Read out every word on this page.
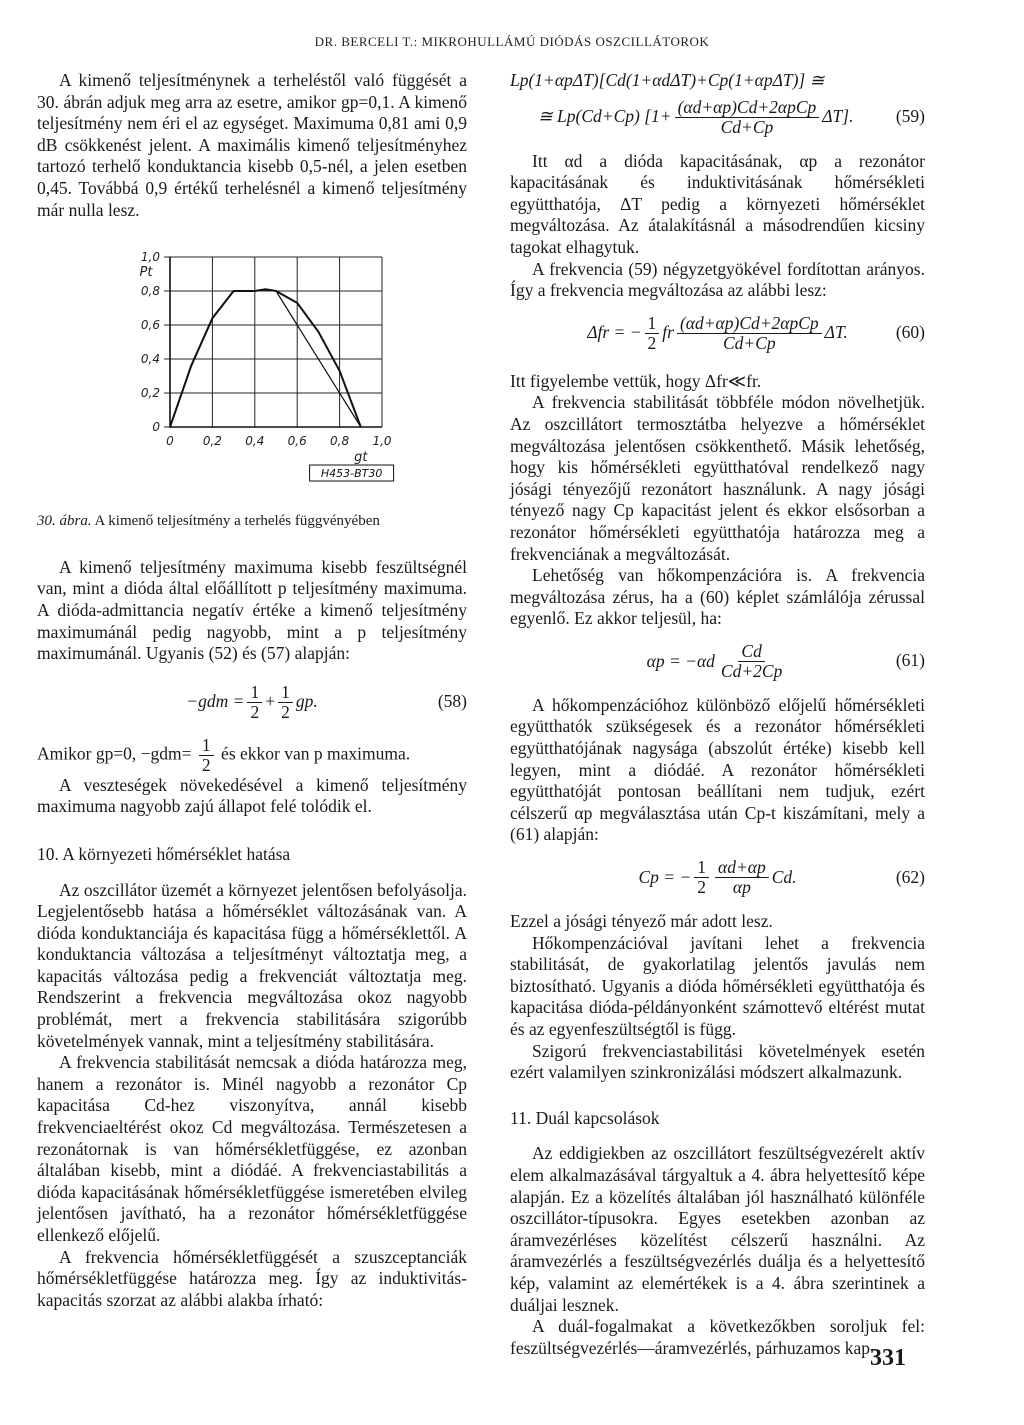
DR. BERCELI T.: MIKROHULLÁMÚ DIÓDÁS OSZCILLÁTOROK

A kimenő teljesítménynek a terheléstől való függését a 30. ábrán adjuk meg arra az esetre, amikor gp=0,1. A kimenő teljesítmény nem éri el az egységet. Maximuma 0,81 ami 0,9 dB csökkenést jelent. A maximális kimenő teljesítményhez tartozó terhelő konduktancia kisebb 0,5-nél, a jelen esetben 0,45. Továbbá 0,9 értékű terhelésnél a kimenő teljesítmény már nulla lesz.

0 0,2 0,4 0,6 0,8 1,0
0
0,2
0,4
0,6
0,8
1,0
Pt
gt
H453-BT30

30. ábra. A kimenő teljesítmény a terhelés függvényében

A kimenő teljesítmény maximuma kisebb feszültségnél van, mint a dióda által előállított p teljesítmény maximuma. A dióda-admittancia negatív értéke a kimenő teljesítmény maximumánál pedig nagyobb, mint a p teljesítmény maximumánál. Ugyanis (52) és (57) alapján:

$-gdm = \frac{1}{2} + \frac{1}{2}$ gp.	(58)

Amikor gp=0, $-gdm= \frac{1}{2}$ és ekkor van p maximuma.

A veszteségek növekedésével a kimenő teljesítmény maximuma nagyobb zajú állapot felé tolódik el.

10. A környezeti hőmérséklet hatása

Az oszcillátor üzemét a környezet jelentősen befolyásolja. Legjelentősebb hatása a hőmérséklet változásának van. A dióda konduktanciája és kapacitása függ a hőmérséklettől. A konduktancia változása a teljesítményt változtatja meg, a kapacitás változása pedig a frekvenciát változtatja meg. Rendszerint a frekvencia megváltozása okoz nagyobb problémát, mert a frekvencia stabilitására szigorúbb követelmények vannak, mint a teljesítmény stabilitására.

A frekvencia stabilitását nemcsak a dióda határozza meg, hanem a rezonátor is. Minél nagyobb a rezonátor Cp kapacitása Cd-hez viszonyítva, annál kisebb frekvenciaeltérést okoz Cd megváltozása. Természetesen a rezonátornak is van hőmérsékletfüggése, ez azonban általában kisebb, mint a diódáé. A frekvenciastabilitás a dióda kapacitásának hőmérsékletfüggése ismeretében elvileg jelentősen javítható, ha a rezonátor hőmérsékletfüggése ellenkező előjelű.

A frekvencia hőmérsékletfüggését a szuszceptanciák hőmérsékletfüggése határozza meg. Így az induktivitás-kapacitás szorzat az alábbi alakba írható:

Lp(1+αpΔT)[Cd(1+αdΔT)+Cp(1+αpΔT)] ≅
≅ Lp(Cd+Cp) $[1+ \frac{\text{(αd+αp)Cd+2αpCp}}{Cd+Cp} \Delta T]$. (59)

Itt αd a dióda kapacitásának, αp a rezonátor kapacitásának és induktivitásának hőmérsékleti együtthatója, ΔT pedig a környezeti hőmérséklet megváltozása. Az átalakításnál a másodrendűen kicsiny tagokat elhagytuk.

A frekvencia (59) négyzetgyökével fordítottan arányos. Így a frekvencia megváltozása az alábbi lesz:

Δfr = − $\frac{1}{2}$ fr $\frac{\text{(αd+αp)Cd+2αpCp}}{Cd+Cp} \Delta T$.	(60)

Itt figyelembe vettük, hogy Δfr≪fr.

A frekvencia stabilitását többféle módon növelhetjük. Az oszcillátort termosztátba helyezve a hőmérséklet megváltozása jelentősen csökkenthető. Másik lehetőség, hogy kis hőmérsékleti együtthatóval rendelkező nagy jósági tényezőjű rezonátort használunk. A nagy jósági tényező nagy Cp kapacitást jelent és ekkor elsősorban a rezonátor hőmérsékleti együtthatója határozza meg a frekvenciának a megváltozását.

Lehetőség van hőkompenzációra is. A frekvencia megváltozása zérus, ha a (60) képlet számlálója zérussal egyenlő. Ez akkor teljesül, ha:

$\alpha p = -\alpha d \frac{Cd}{Cd+2Cp}$	(61)

A hőkompenzációhoz különböző előjelű hőmérsékleti együtthatók szükségesek és a rezonátor hőmérsékleti együtthatójának nagysága (abszolút értéke) kisebb kell legyen, mint a diódáé. A rezonátor hőmérsékleti együtthatóját pontosan beállítani nem tudjuk, ezért célszerű αp megválasztása után Cp-t kiszámítani, mely a (61) alapján:

Cp = − $\frac{1}{2} \frac{\alpha d+\alpha p}{\alpha p} Cd$.	(62)

Ezzel a jósági tényező már adott lesz.

Hőkompenzációval javítani lehet a frekvencia stabilitását, de gyakorlatilag jelentős javulás nem biztosítható. Ugyanis a dióda hőmérsékleti együtthatója és kapacitása dióda-példányonként számottevő eltérést mutat és az egyenfeszültségtől is függ.

Szigorú frekvenciastabilitási követelmények esetén ezért valamilyen szinkronizálási módszert alkalmazunk.

11. Duál kapcsolások

Az eddigiekben az oszcillátort feszültségvezérelt aktív elem alkalmazásával tárgyaltuk a 4. ábra helyettesítő képe alapján. Ez a közelítés általában jól használható különféle oszcillátor-típusokra. Egyes esetekben azonban az áramvezérléses közelítést célszerű használni. Az áramvezérlés a feszültségvezérlés duálja és a helyettesítő kép, valamint az elemértékek is a 4. ábra szerintinek a duáljai lesznek.

A duál-fogalmakat a következőkben soroljuk fel: feszültségvezérlés—áramvezérlés, párhuzamos kap-

331
